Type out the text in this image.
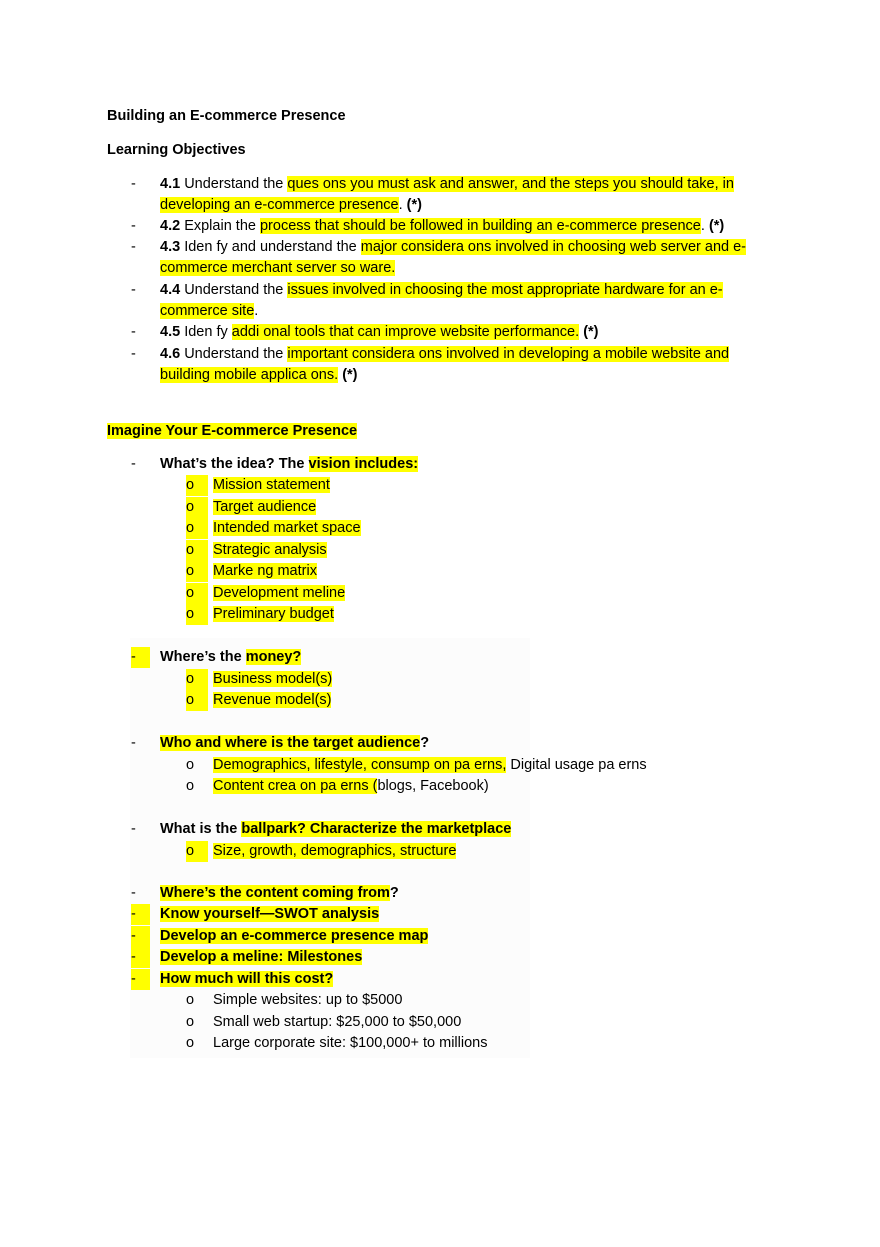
Building an E-commerce Presence
Learning Objectives
- 4.1 Understand the ques ons you must ask and answer, and the steps you should take, in
developing an e-commerce presence. (*)
- 4.2 Explain the process that should be followed in building an e-commerce presence. (*)
- 4.3 Iden fy and understand the major considera ons involved in choosing web server and e-
commerce merchant server so ware.
- 4.4 Understand the issues involved in choosing the most appropriate hardware for an e-
commerce site.
- 4.5 Iden fy addi onal tools that can improve website performance. (*)
- 4.6 Understand the important considera ons involved in developing a mobile website and
building mobile applica ons. (*)
Imagine Your E-commerce Presence
- What’s the idea? The vision includes:
o	Mission statement
o	Target audience
o	Intended market space
o	Strategic analysis
o	Marke ng matrix
o	Development meline
o	Preliminary budget
-	Where’s the money?
o	Business model(s)
o	Revenue model(s)
- Who and where is the target audience?
o Demographics, lifestyle, consump on pa erns, Digital usage pa erns
o Content crea on pa erns (blogs, Facebook)
- What is the ballpark? Characterize the marketplace
o	Size, growth, demographics, structure
- Where’s the content coming from?
-	Know yourself—SWOT analysis
-	Develop an e-commerce presence map
-	Develop a meline: Milestones
-	How much will this cost?
o Simple websites: up to $5000
o Small web startup: $25,000 to $50,000
o Large corporate site: $100,000+ to millions
